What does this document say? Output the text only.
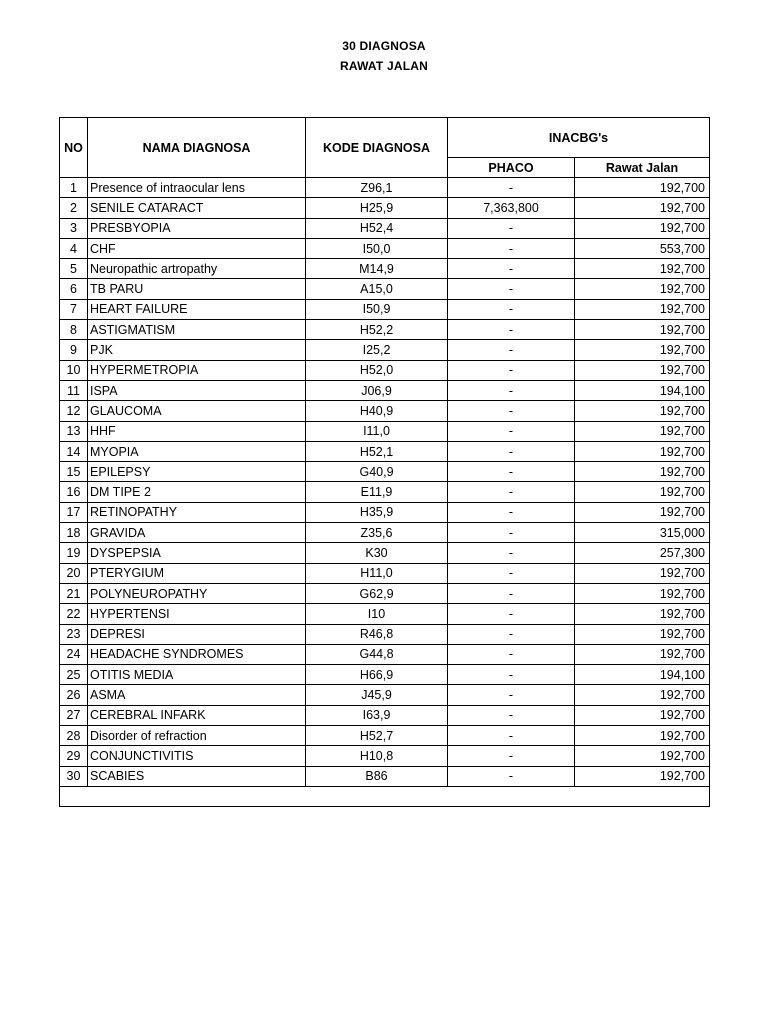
30 DIAGNOSA
RAWAT JALAN
NO	NAMA DIAGNOSA	KODE DIAGNOSA	INACBG's	
			PHACO	Rawat Jalan
1	Presence of intraocular lens	Z96,1	-	192,700
2	SENILE CATARACT	H25,9	7,363,800	192,700
3	PRESBYOPIA	H52,4	-	192,700
4	CHF	I50,0	-	553,700
5	Neuropathic artropathy	M14,9	-	192,700
6	TB PARU	A15,0	-	192,700
7	HEART FAILURE	I50,9	-	192,700
8	ASTIGMATISM	H52,2	-	192,700
9	PJK	I25,2	-	192,700
10	HYPERMETROPIA	H52,0	-	192,700
11	ISPA	J06,9	-	194,100
12	GLAUCOMA	H40,9	-	192,700
13	HHF	I11,0	-	192,700
14	MYOPIA	H52,1	-	192,700
15	EPILEPSY	G40,9	-	192,700
16	DM TIPE 2	E11,9	-	192,700
17	RETINOPATHY	H35,9	-	192,700
18	GRAVIDA	Z35,6	-	315,000
19	DYSPEPSIA	K30	-	257,300
20	PTERYGIUM	H11,0	-	192,700
21	POLYNEUROPATHY	G62,9	-	192,700
22	HYPERTENSI	I10	-	192,700
23	DEPRESI	R46,8	-	192,700
24	HEADACHE SYNDROMES	G44,8	-	192,700
25	OTITIS MEDIA	H66,9	-	194,100
26	ASMA	J45,9	-	192,700
27	CEREBRAL INFARK	I63,9	-	192,700
28	Disorder of refraction	H52,7	-	192,700
29	CONJUNCTIVITIS	H10,8	-	192,700
30	SCABIES	B86	-	192,700
